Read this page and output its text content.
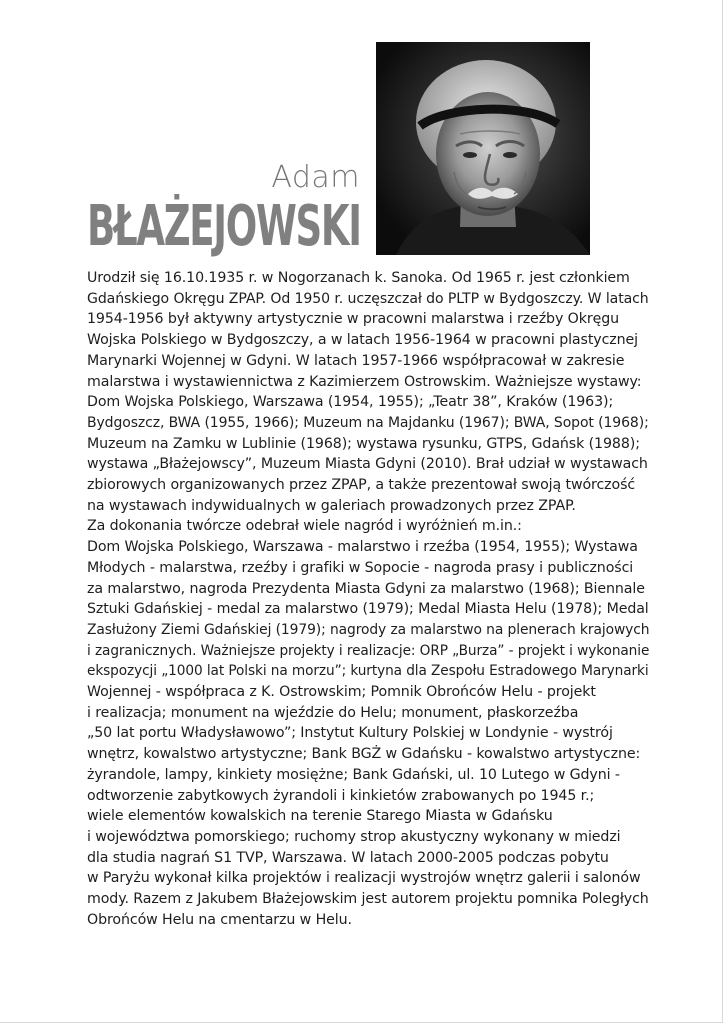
Adam
BŁAŻEJOWSKI
Urodził się 16.10.1935 r. w Nogorzanach k. Sanoka. Od 1965 r. jest członkiem
Gdańskiego Okręgu ZPAP. Od 1950 r. uczęszczał do PLTP w Bydgoszczy. W latach
1954-1956 był aktywny artystycznie w pracowni malarstwa i rzeźby Okręgu
Wojska Polskiego w Bydgoszczy, a w latach 1956-1964 w pracowni plastycznej
Marynarki Wojennej w Gdyni. W latach 1957-1966 współpracował w zakresie
malarstwa i wystawiennictwa z Kazimierzem Ostrowskim. Ważniejsze wystawy:
Dom Wojska Polskiego, Warszawa (1954, 1955); „Teatr 38”, Kraków (1963);
Bydgoszcz, BWA (1955, 1966); Muzeum na Majdanku (1967); BWA, Sopot (1968);
Muzeum na Zamku w Lublinie (1968); wystawa rysunku, GTPS, Gdańsk (1988);
wystawa „Błażejowscy”, Muzeum Miasta Gdyni (2010). Brał udział w wystawach
zbiorowych organizowanych przez ZPAP, a także prezentował swoją twórczość
na wystawach indywidualnych w galeriach prowadzonych przez ZPAP.
Za dokonania twórcze odebrał wiele nagród i wyróżnień m.in.:
Dom Wojska Polskiego, Warszawa - malarstwo i rzeźba (1954, 1955); Wystawa
Młodych - malarstwa, rzeźby i grafiki w Sopocie - nagroda prasy i publiczności
za malarstwo, nagroda Prezydenta Miasta Gdyni za malarstwo (1968); Biennale
Sztuki Gdańskiej - medal za malarstwo (1979); Medal Miasta Helu (1978); Medal
Zasłużony Ziemi Gdańskiej (1979); nagrody za malarstwo na plenerach krajowych
i zagranicznych. Ważniejsze projekty i realizacje: ORP „Burza” - projekt i wykonanie
ekspozycji „1000 lat Polski na morzu”; kurtyna dla Zespołu Estradowego Marynarki
Wojennej - współpraca z K. Ostrowskim; Pomnik Obrońców Helu - projekt
i realizacja; monument na wjeździe do Helu; monument, płaskorzeźba
„50 lat portu Władysławowo”; Instytut Kultury Polskiej w Londynie - wystrój
wnętrz, kowalstwo artystyczne; Bank BGŻ w Gdańsku - kowalstwo artystyczne:
żyrandole, lampy, kinkiety mosiężne; Bank Gdański, ul. 10 Lutego w Gdyni -
odtworzenie zabytkowych żyrandoli i kinkietów zrabowanych po 1945 r.;
wiele elementów kowalskich na terenie Starego Miasta w Gdańsku
i województwa pomorskiego; ruchomy strop akustyczny wykonany w miedzi
dla studia nagrań S1 TVP, Warszawa. W latach 2000-2005 podczas pobytu
w Paryżu wykonał kilka projektów i realizacji wystrojów wnętrz galerii i salonów
mody. Razem z Jakubem Błażejowskim jest autorem projektu pomnika Poległych
Obrońców Helu na cmentarzu w Helu.
